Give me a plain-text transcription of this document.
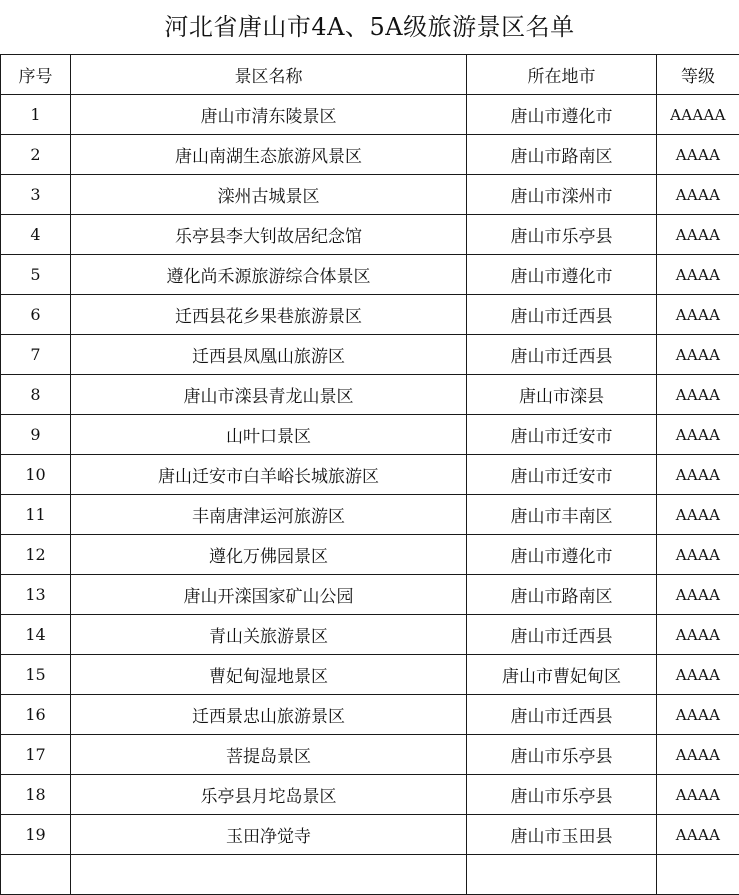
河北省唐山市4A、5A级旅游景区名单
序号	景区名称	所在地市	等级
1	唐山市清东陵景区	唐山市遵化市	AAAAA
2	唐山南湖生态旅游风景区	唐山市路南区	AAAA
3	滦州古城景区	唐山市滦州市	AAAA
4	乐亭县李大钊故居纪念馆	唐山市乐亭县	AAAA
5	遵化尚禾源旅游综合体景区	唐山市遵化市	AAAA
6	迁西县花乡果巷旅游景区	唐山市迁西县	AAAA
7	迁西县凤凰山旅游区	唐山市迁西县	AAAA
8	唐山市滦县青龙山景区	唐山市滦县	AAAA
9	山叶口景区	唐山市迁安市	AAAA
10	唐山迁安市白羊峪长城旅游区	唐山市迁安市	AAAA
11	丰南唐津运河旅游区	唐山市丰南区	AAAA
12	遵化万佛园景区	唐山市遵化市	AAAA
13	唐山开滦国家矿山公园	唐山市路南区	AAAA
14	青山关旅游景区	唐山市迁西县	AAAA
15	曹妃甸湿地景区	唐山市曹妃甸区	AAAA
16	迁西景忠山旅游景区	唐山市迁西县	AAAA
17	菩提岛景区	唐山市乐亭县	AAAA
18	乐亭县月坨岛景区	唐山市乐亭县	AAAA
19	玉田净觉寺	唐山市玉田县	AAAA
